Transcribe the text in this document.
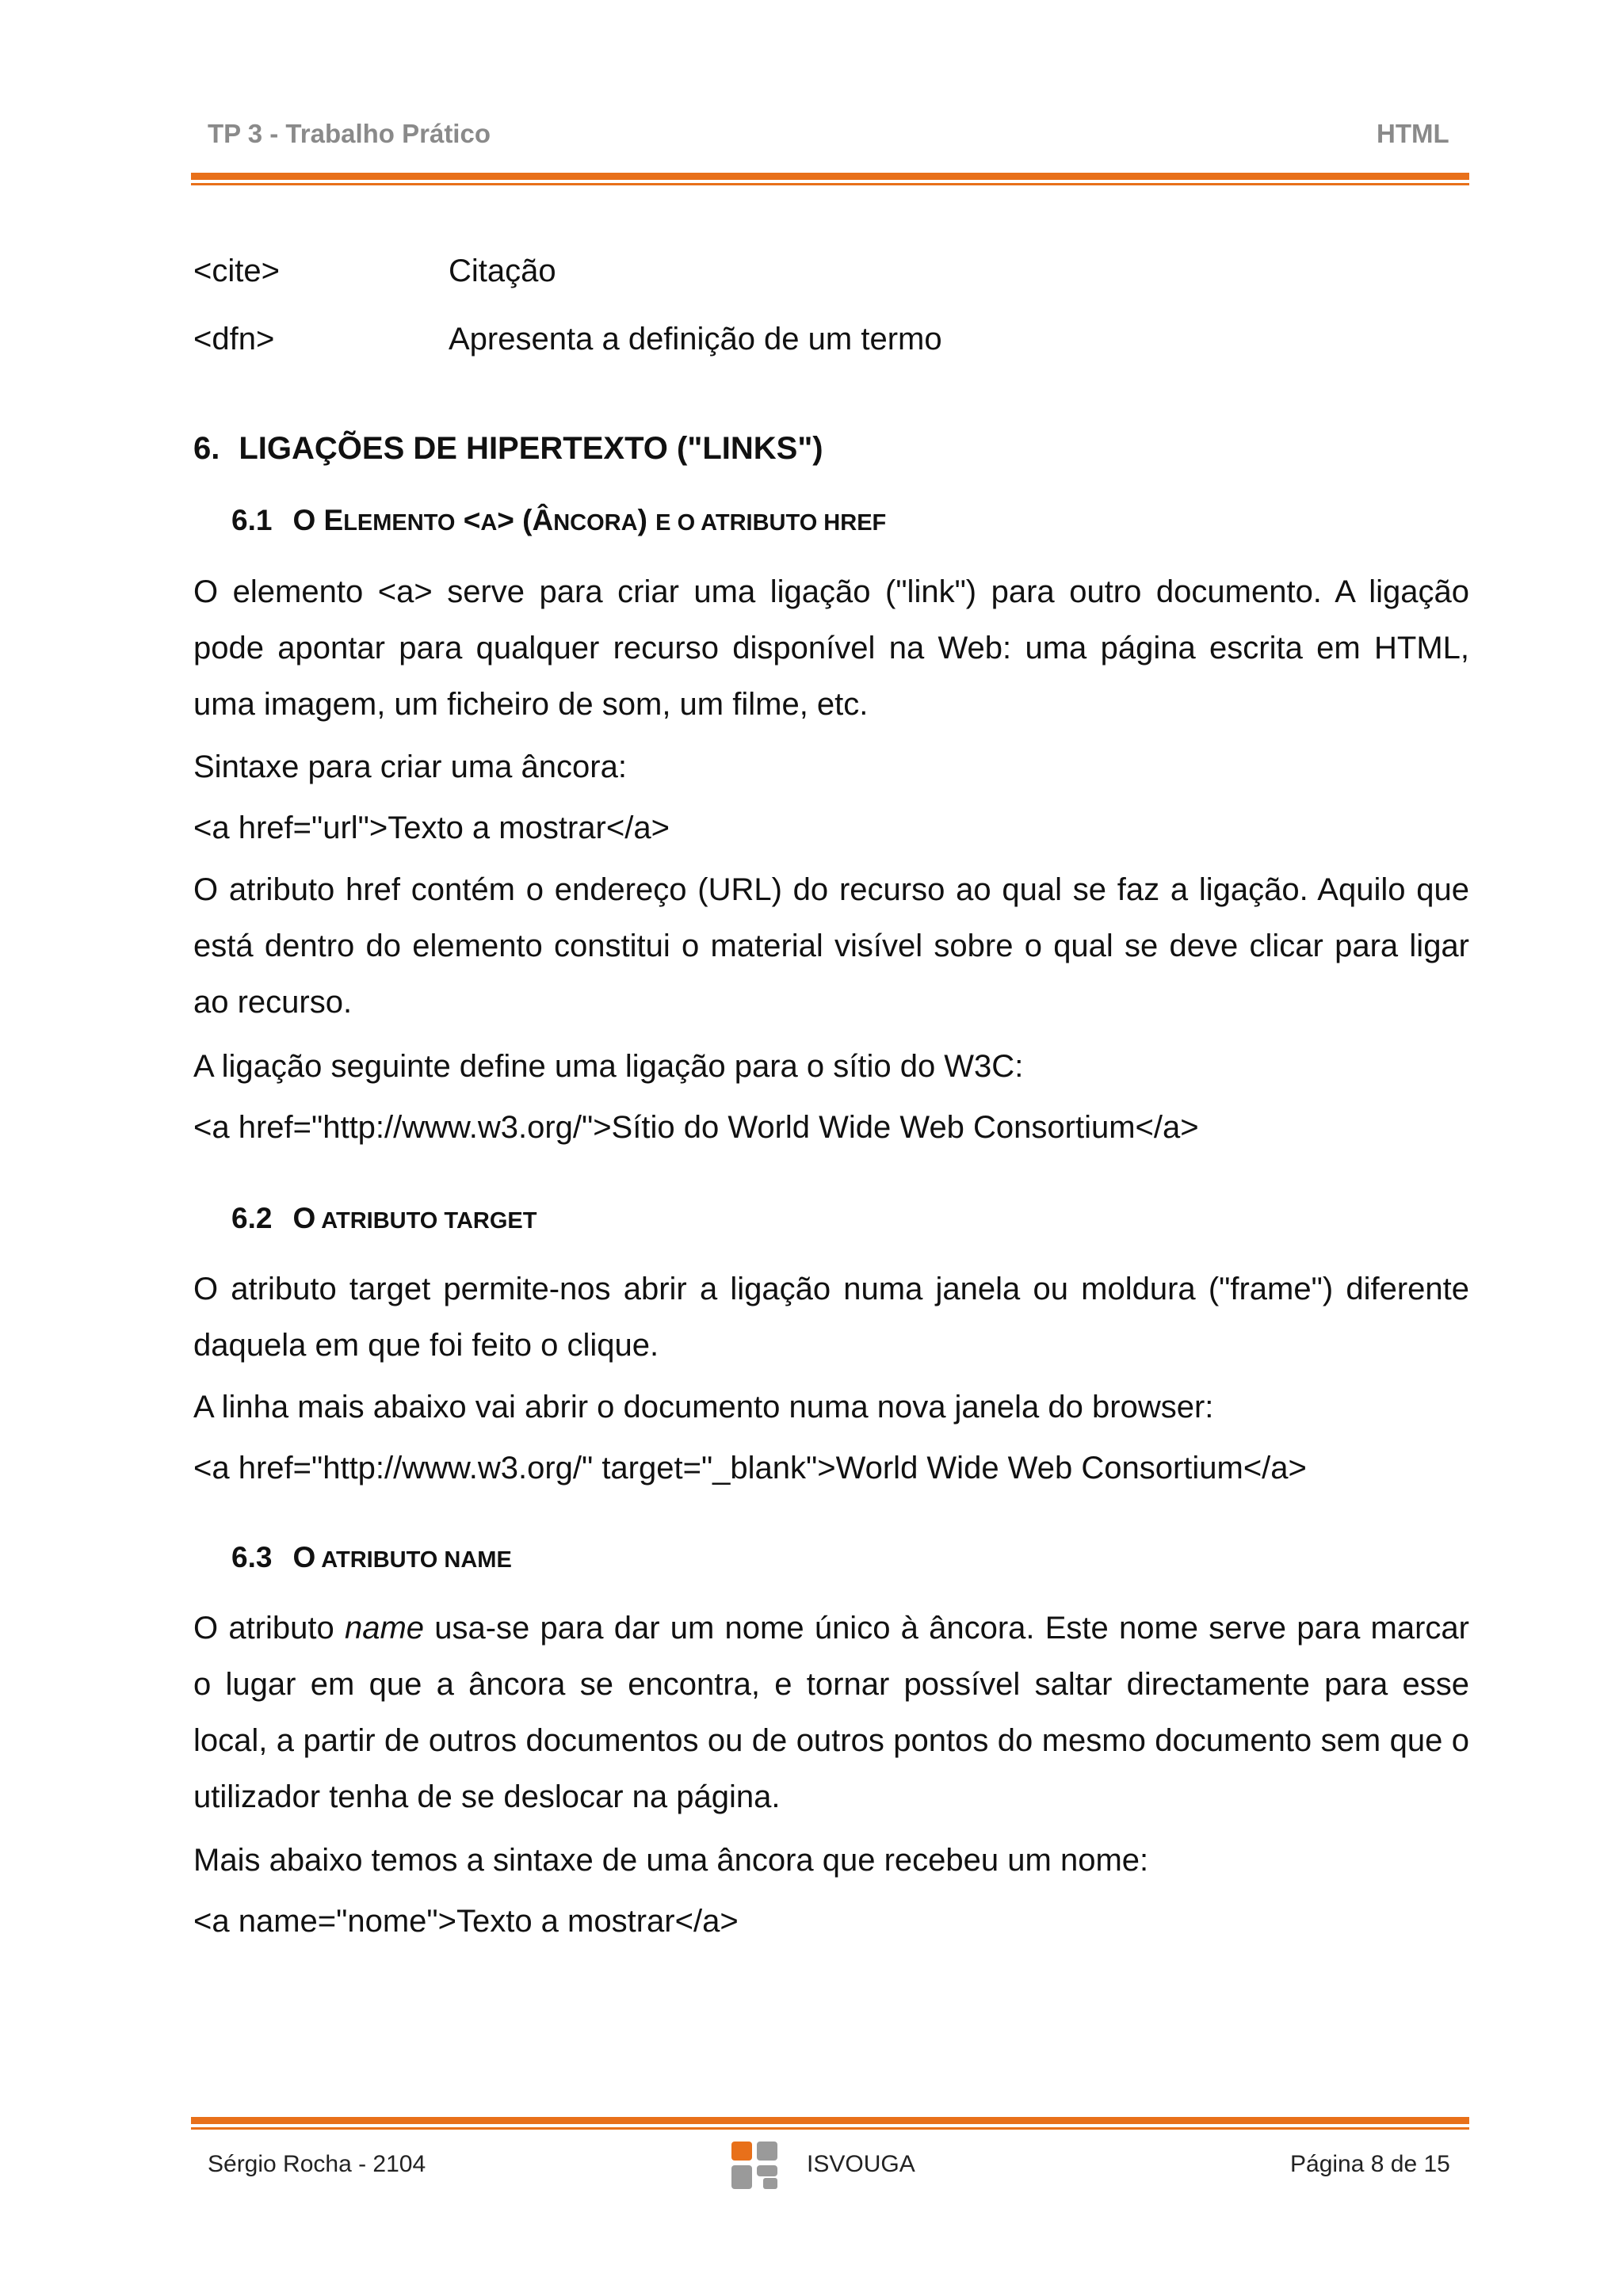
TP 3 - Trabalho Prático	HTML
<cite>	Citação
<dfn>	Apresenta a definição de um termo
6. LIGAÇÕES DE HIPERTEXTO ("LINKS")
6.1 O ELEMENTO <A> (ÂNCORA) E O ATRIBUTO HREF

O elemento <a> serve para criar uma ligação ("link") para outro documento. A ligação pode apontar para qualquer recurso disponível na Web: uma página escrita em HTML, uma imagem, um ficheiro de som, um filme, etc.

Sintaxe para criar uma âncora:
<a href="url">Texto a mostrar</a>

O atributo href contém o endereço (URL) do recurso ao qual se faz a ligação. Aquilo que está dentro do elemento constitui o material visível sobre o qual se deve clicar para ligar ao recurso.

A ligação seguinte define uma ligação para o sítio do W3C:
<a href="http://www.w3.org/">Sítio do World Wide Web Consortium</a>
6.2 O ATRIBUTO TARGET

O atributo target permite-nos abrir a ligação numa janela ou moldura ("frame") diferente daquela em que foi feito o clique.

A linha mais abaixo vai abrir o documento numa nova janela do browser:
<a href="http://www.w3.org/" target="_blank">World Wide Web Consortium</a>
6.3 O ATRIBUTO NAME

O atributo name usa-se para dar um nome único à âncora. Este nome serve para marcar o lugar em que a âncora se encontra, e tornar possível saltar directamente para esse local, a partir de outros documentos ou de outros pontos do mesmo documento sem que o utilizador tenha de se deslocar na página.

Mais abaixo temos a sintaxe de uma âncora que recebeu um nome:
<a name="nome">Texto a mostrar</a>
Sérgio Rocha - 2104	ISVOUGA	Página 8 de 15
